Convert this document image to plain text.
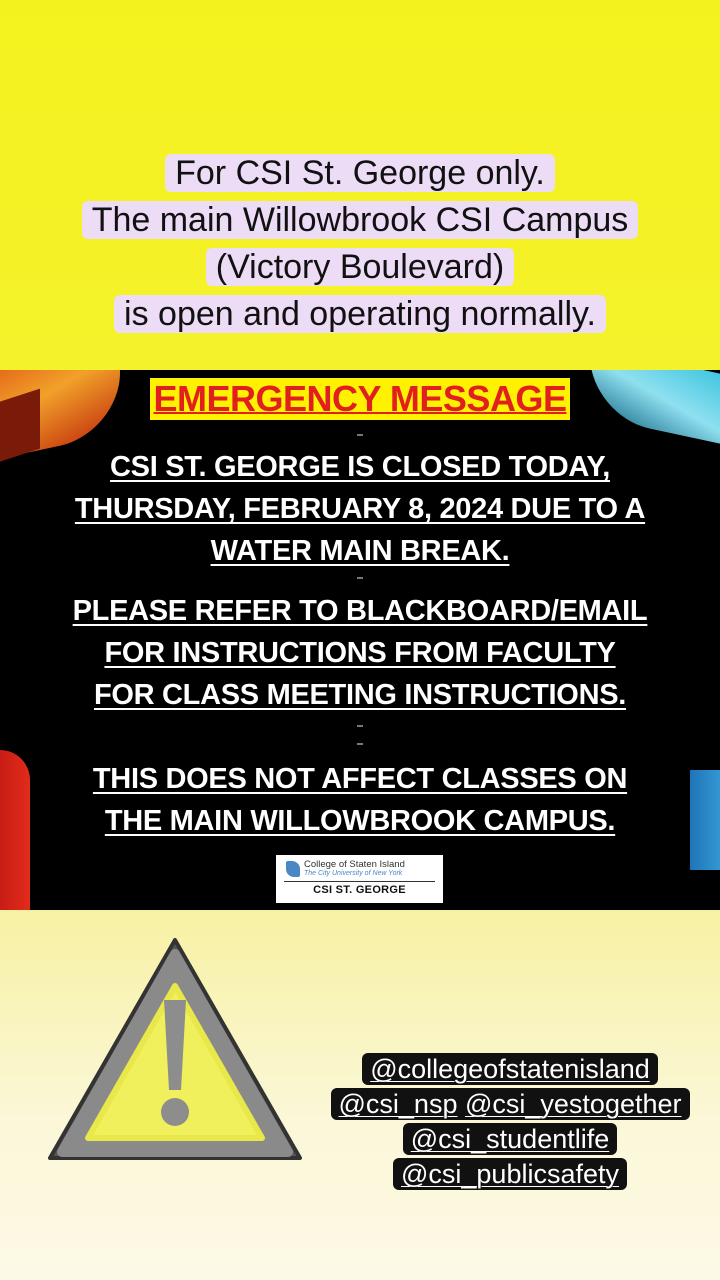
For CSI St. George only.
The main Willowbrook CSI Campus
(Victory Boulevard)
is open and operating normally.
EMERGENCY MESSAGE
CSI ST. GEORGE IS CLOSED TODAY,
THURSDAY, FEBRUARY 8, 2024 DUE TO A
WATER MAIN BREAK.
PLEASE REFER TO BLACKBOARD/EMAIL
FOR INSTRUCTIONS FROM FACULTY
FOR CLASS MEETING INSTRUCTIONS.
THIS DOES NOT AFFECT CLASSES ON
THE MAIN WILLOWBROOK CAMPUS.
College of Staten Island
The City University of New York
CSI ST. GEORGE
@collegeofstatenisland
@csi_nsp @csi_yestogether
@csi_studentlife
@csi_publicsafety
